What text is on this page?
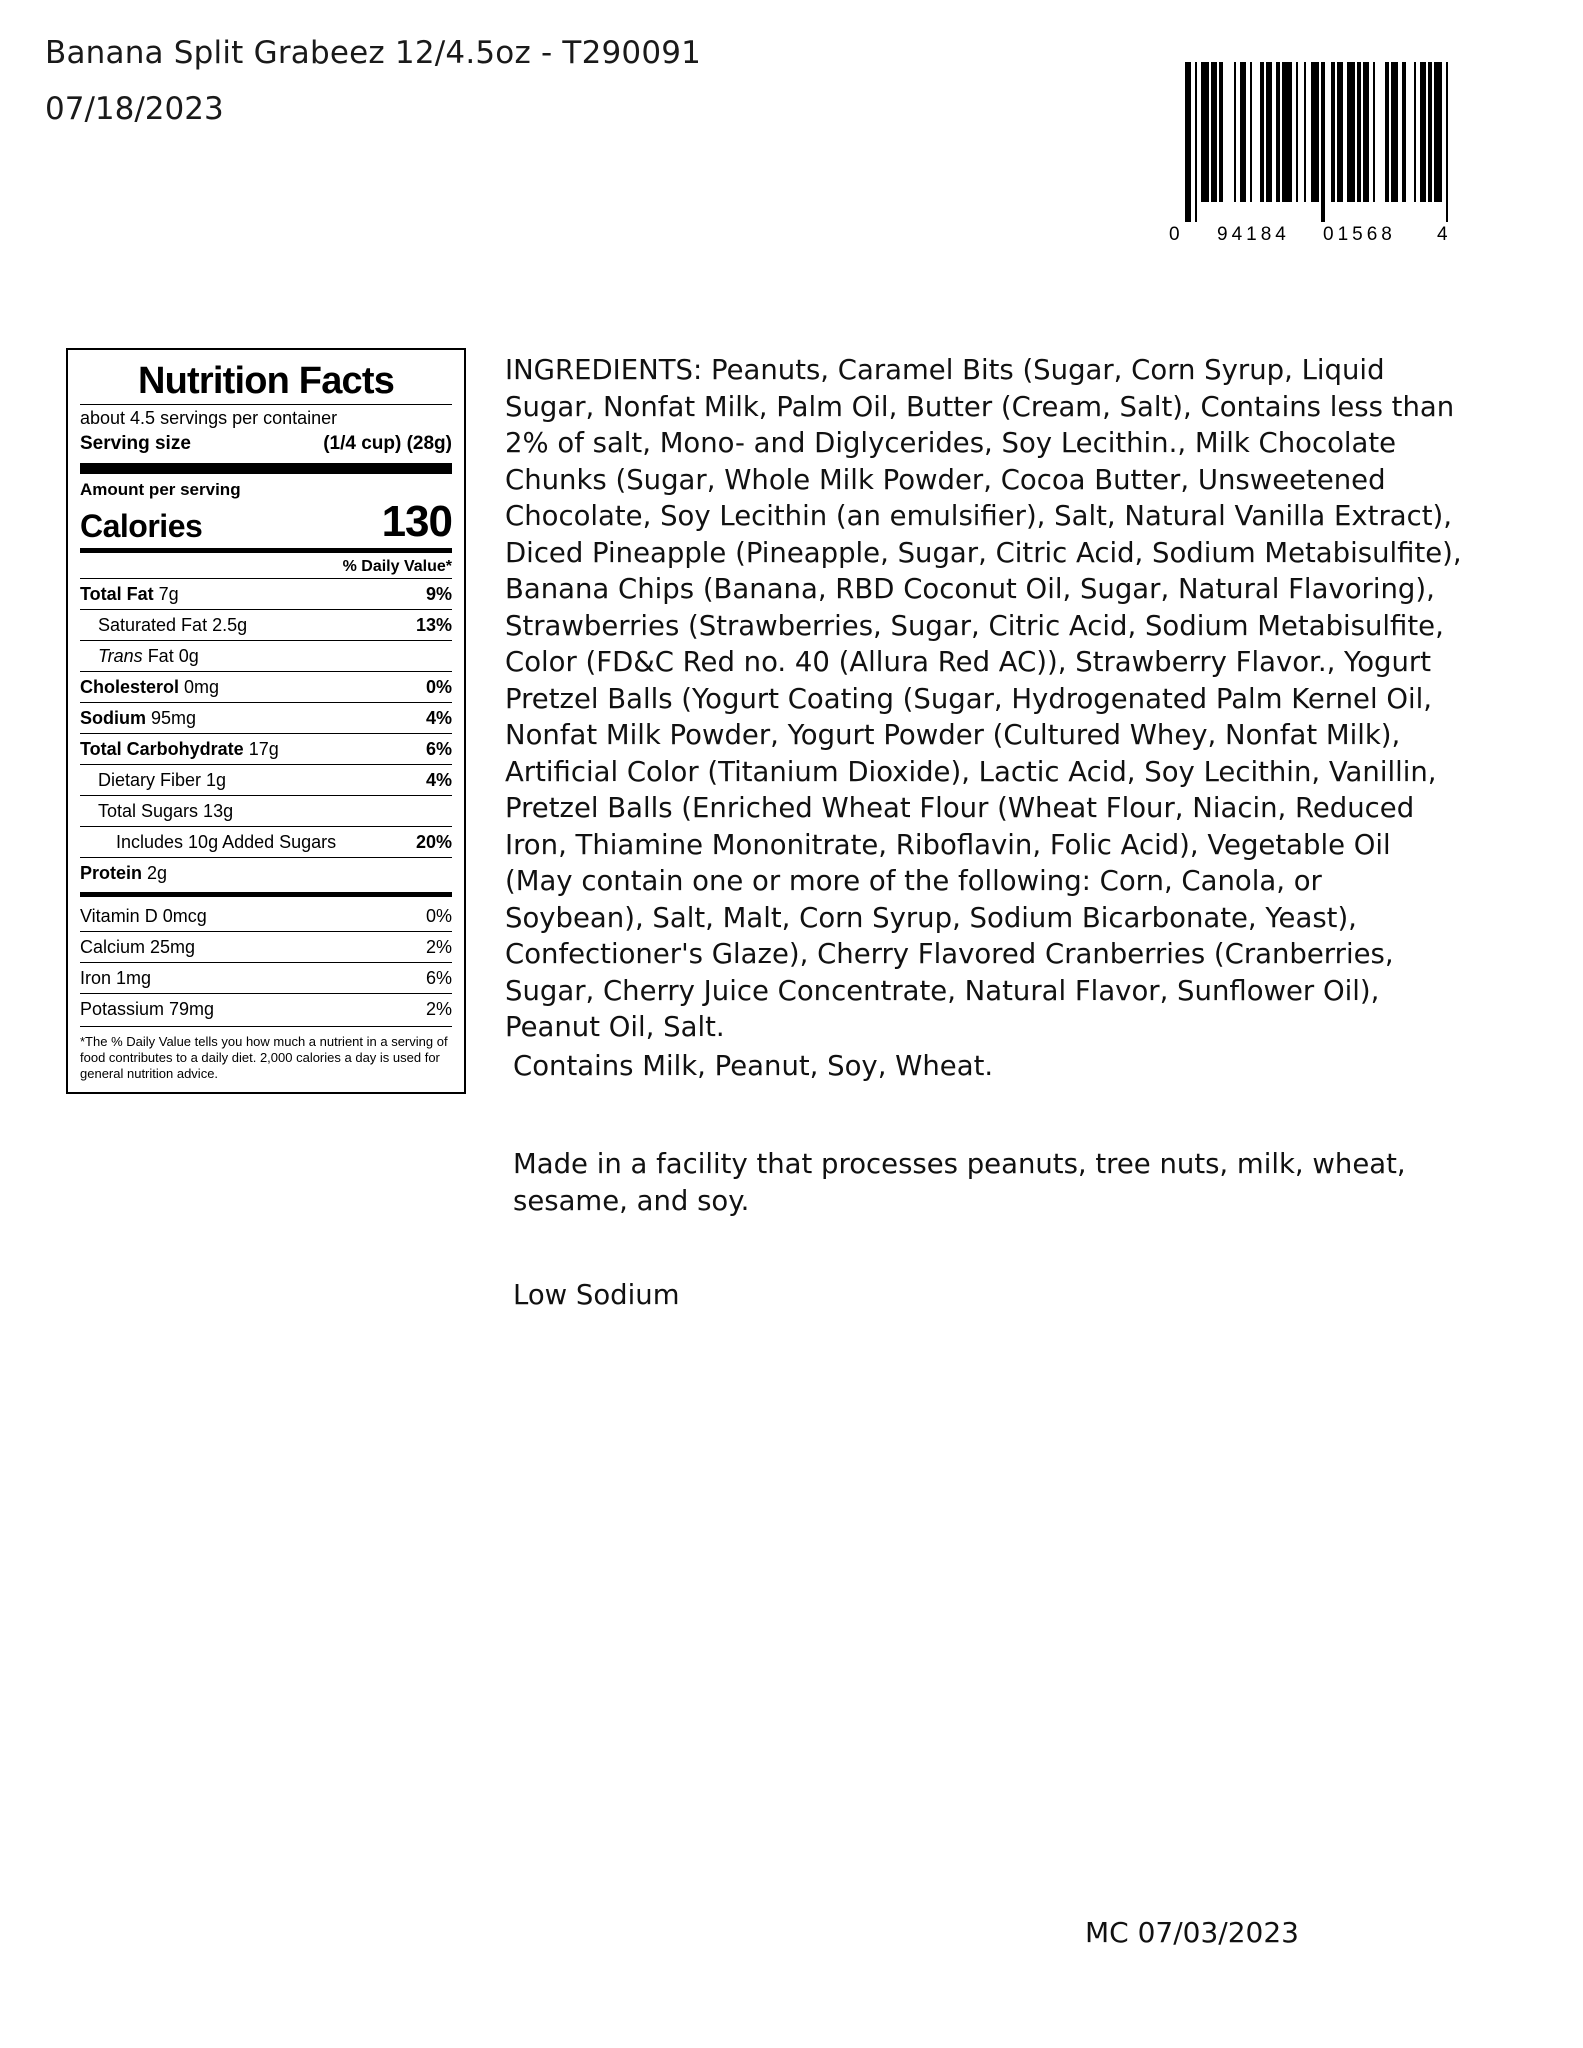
Banana Split Grabeez 12/4.5oz - T290091
07/18/2023
0 94184 01568 4
Nutrition Facts
about 4.5 servings per container
Serving size	(1/4 cup) (28g)
Amount per serving
Calories	130
% Daily Value*
Total Fat 7g	9%
Saturated Fat 2.5g	13%
Trans Fat 0g
Cholesterol 0mg	0%
Sodium 95mg	4%
Total Carbohydrate 17g	6%
Dietary Fiber 1g	4%
Total Sugars 13g
Includes 10g Added Sugars	20%
Protein 2g
Vitamin D 0mcg	0%
Calcium 25mg	2%
Iron 1mg	6%
Potassium 79mg	2%
*The % Daily Value tells you how much a nutrient in a serving of food contributes to a daily diet. 2,000 calories a day is used for general nutrition advice.
INGREDIENTS: Peanuts, Caramel Bits (Sugar, Corn Syrup, Liquid Sugar, Nonfat Milk, Palm Oil, Butter (Cream, Salt), Contains less than 2% of salt, Mono- and Diglycerides, Soy Lecithin., Milk Chocolate Chunks (Sugar, Whole Milk Powder, Cocoa Butter, Unsweetened Chocolate, Soy Lecithin (an emulsifier), Salt, Natural Vanilla Extract), Diced Pineapple (Pineapple, Sugar, Citric Acid, Sodium Metabisulfite), Banana Chips (Banana, RBD Coconut Oil, Sugar, Natural Flavoring), Strawberries (Strawberries, Sugar, Citric Acid, Sodium Metabisulfite, Color (FD&C Red no. 40 (Allura Red AC)), Strawberry Flavor., Yogurt Pretzel Balls (Yogurt Coating (Sugar, Hydrogenated Palm Kernel Oil, Nonfat Milk Powder, Yogurt Powder (Cultured Whey, Nonfat Milk), Artificial Color (Titanium Dioxide), Lactic Acid, Soy Lecithin, Vanillin, Pretzel Balls (Enriched Wheat Flour (Wheat Flour, Niacin, Reduced Iron, Thiamine Mononitrate, Riboflavin, Folic Acid), Vegetable Oil (May contain one or more of the following: Corn, Canola, or Soybean), Salt, Malt, Corn Syrup, Sodium Bicarbonate, Yeast), Confectioner's Glaze), Cherry Flavored Cranberries (Cranberries, Sugar, Cherry Juice Concentrate, Natural Flavor, Sunflower Oil), Peanut Oil, Salt.
Contains Milk, Peanut, Soy, Wheat.
Made in a facility that processes peanuts, tree nuts, milk, wheat, sesame, and soy.
Low Sodium
MC 07/03/2023
